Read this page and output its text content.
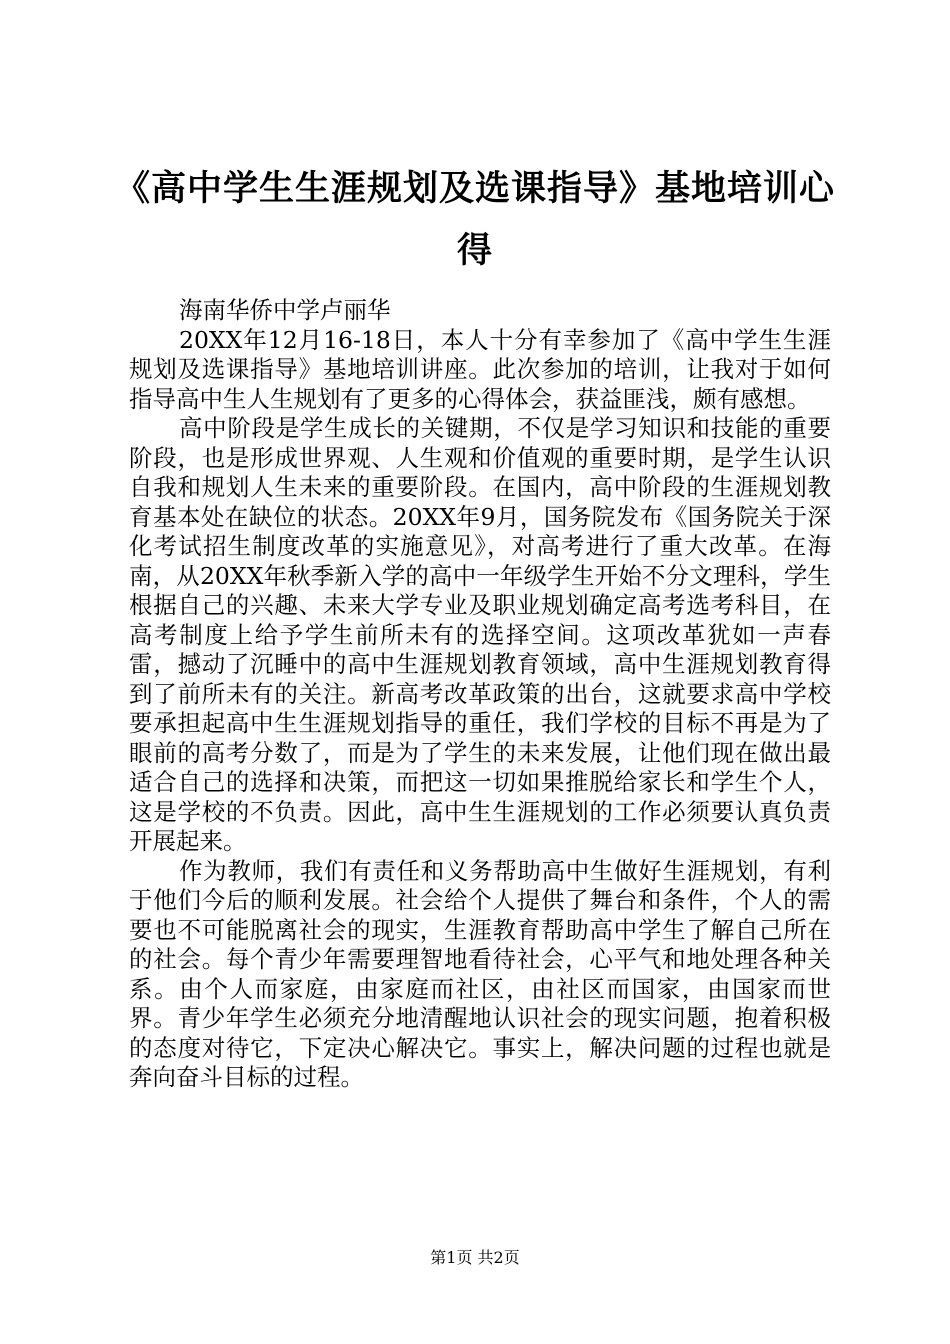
《高中学生生涯规划及选课指导》基地培训心得

海南华侨中学卢丽华

20XX年12月16-18日，本人十分有幸参加了《高中学生生涯规划及选课指导》基地培训讲座。此次参加的培训，让我对于如何指导高中生人生规划有了更多的心得体会，获益匪浅，颇有感想。

高中阶段是学生成长的关键期，不仅是学习知识和技能的重要阶段，也是形成世界观、人生观和价值观的重要时期，是学生认识自我和规划人生未来的重要阶段。在国内，高中阶段的生涯规划教育基本处在缺位的状态。20XX年9月，国务院发布《国务院关于深化考试招生制度改革的实施意见》，对高考进行了重大改革。在海南，从20XX年秋季新入学的高中一年级学生开始不分文理科，学生根据自己的兴趣、未来大学专业及职业规划确定高考选考科目，在高考制度上给予学生前所未有的选择空间。这项改革犹如一声春雷，撼动了沉睡中的高中生涯规划教育领域，高中生涯规划教育得到了前所未有的关注。新高考改革政策的出台，这就要求高中学校要承担起高中生生涯规划指导的重任，我们学校的目标不再是为了眼前的高考分数了，而是为了学生的未来发展，让他们现在做出最适合自己的选择和决策，而把这一切如果推脱给家长和学生个人，这是学校的不负责。因此，高中生生涯规划的工作必须要认真负责开展起来。

作为教师，我们有责任和义务帮助高中生做好生涯规划，有利于他们今后的顺利发展。社会给个人提供了舞台和条件，个人的需要也不可能脱离社会的现实，生涯教育帮助高中学生了解自己所在的社会。每个青少年需要理智地看待社会，心平气和地处理各种关系。由个人而家庭，由家庭而社区，由社区而国家，由国家而世界。青少年学生必须充分地清醒地认识社会的现实问题，抱着积极的态度对待它，下定决心解决它。事实上，解决问题的过程也就是奔向奋斗目标的过程。

第1页 共2页
